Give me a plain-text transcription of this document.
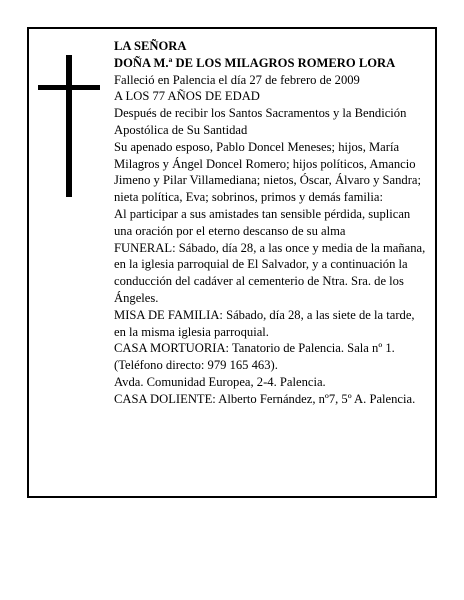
LA SEÑORA

DOÑA M.ª DE LOS MILAGROS ROMERO LORA

Falleció en Palencia el día 27 de febrero de 2009

A LOS 77 AÑOS DE EDAD

Después de recibir los Santos Sacramentos y la Bendición Apostólica de Su Santidad

Su apenado esposo, Pablo Doncel Meneses; hijos, María Milagros y Ángel Doncel Romero; hijos políticos, Amancio Jimeno y Pilar Villamediana; nietos, Óscar, Álvaro y Sandra; nieta política, Eva; sobrinos, primos y demás familia:

Al participar a sus amistades tan sensible pérdida, suplican una oración por el eterno descanso de su alma

FUNERAL: Sábado, día 28, a las once y media de la mañana, en la iglesia parroquial de El Salvador, y a continuación la conducción del cadáver al cementerio de Ntra. Sra. de los Ángeles.

MISA DE FAMILIA: Sábado, día 28, a las siete de la tarde, en la misma iglesia parroquial.

CASA MORTUORIA: Tanatorio de Palencia. Sala nº 1. (Teléfono directo: 979 165 463).

Avda. Comunidad Europea, 2-4. Palencia.

CASA DOLIENTE: Alberto Fernández, nº7, 5º A. Palencia.
